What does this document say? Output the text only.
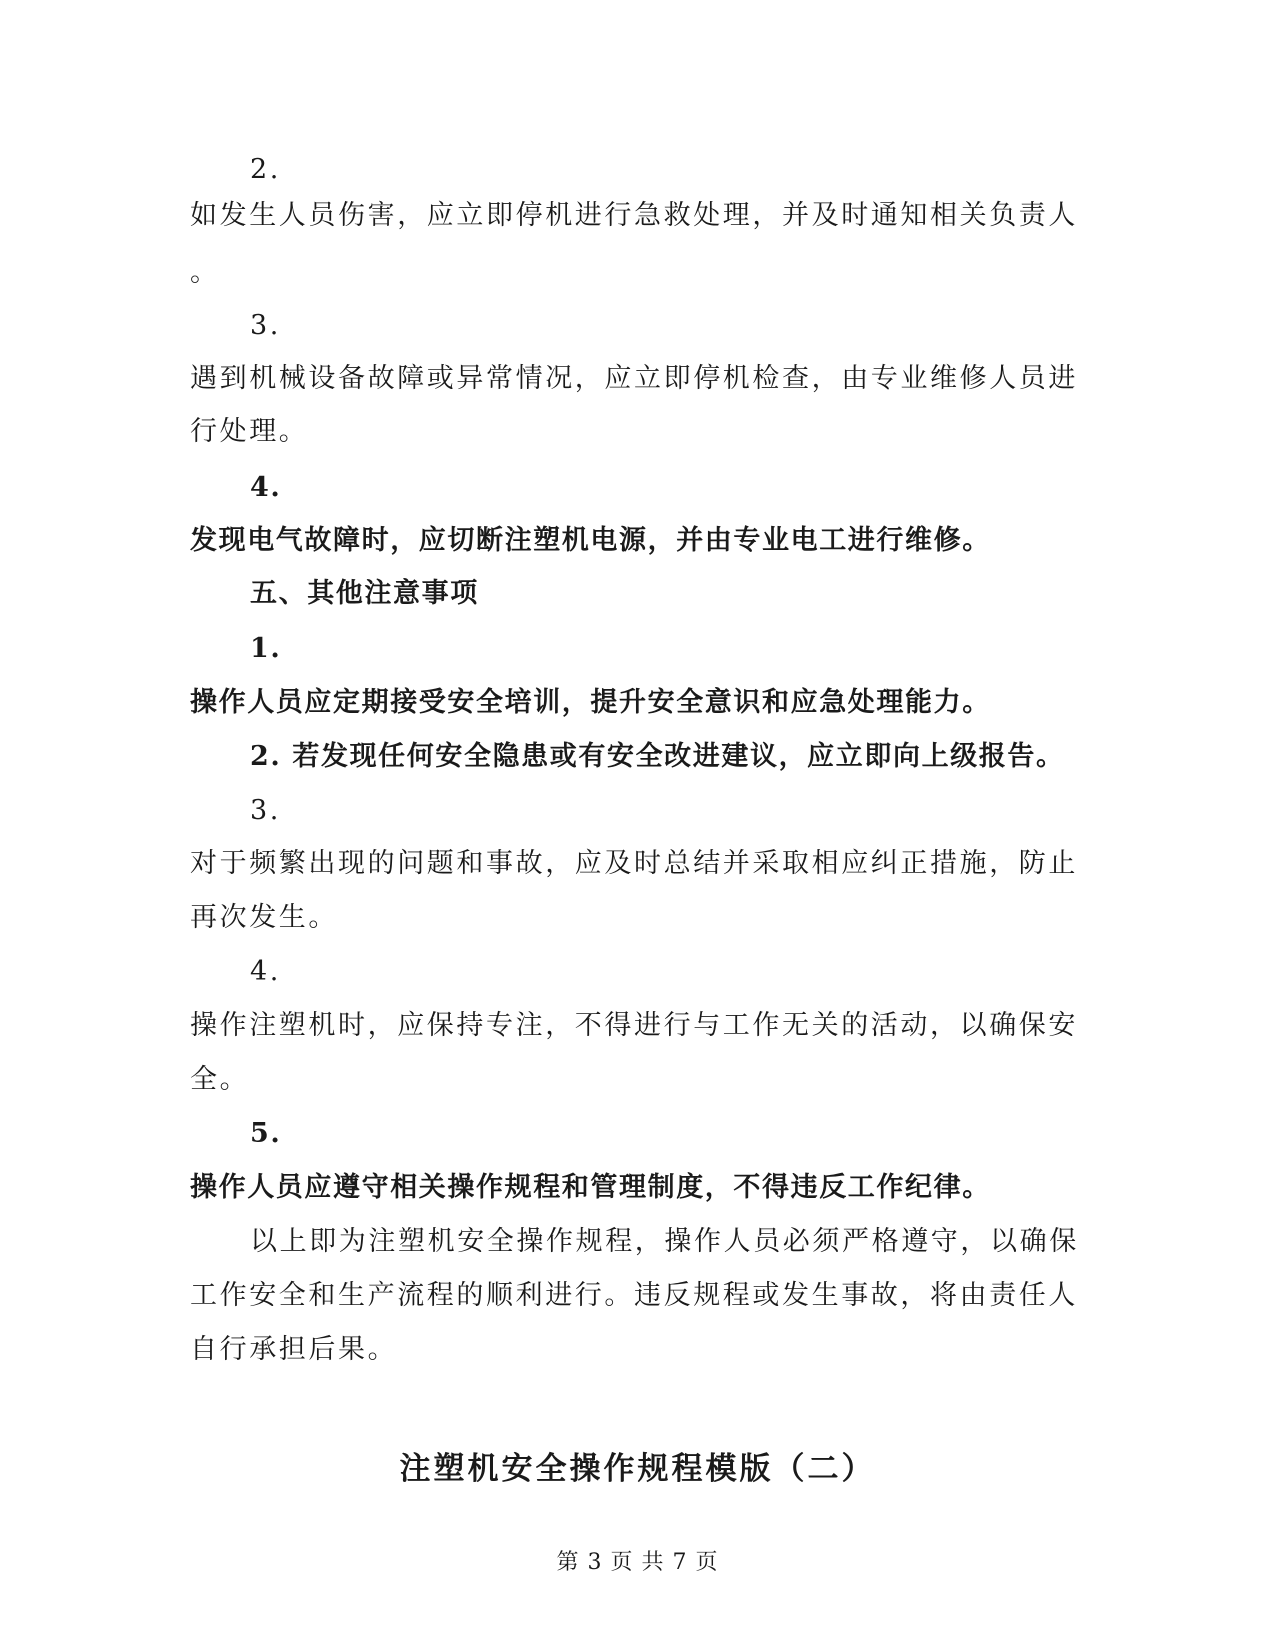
2.
如发生人员伤害，应立即停机进行急救处理，并及时通知相关负责人
。
3.
遇到机械设备故障或异常情况，应立即停机检查，由专业维修人员进
行处理。
4.
发现电气故障时，应切断注塑机电源，并由专业电工进行维修。
五、其他注意事项
1.
操作人员应定期接受安全培训，提升安全意识和应急处理能力。
2. 若发现任何安全隐患或有安全改进建议，应立即向上级报告。
3.
对于频繁出现的问题和事故，应及时总结并采取相应纠正措施，防止
再次发生。
4.
操作注塑机时，应保持专注，不得进行与工作无关的活动，以确保安
全。
5.
操作人员应遵守相关操作规程和管理制度，不得违反工作纪律。
以上即为注塑机安全操作规程，操作人员必须严格遵守，以确保
工作安全和生产流程的顺利进行。违反规程或发生事故，将由责任人
自行承担后果。
注塑机安全操作规程模版（二）
第 3 页 共 7 页
